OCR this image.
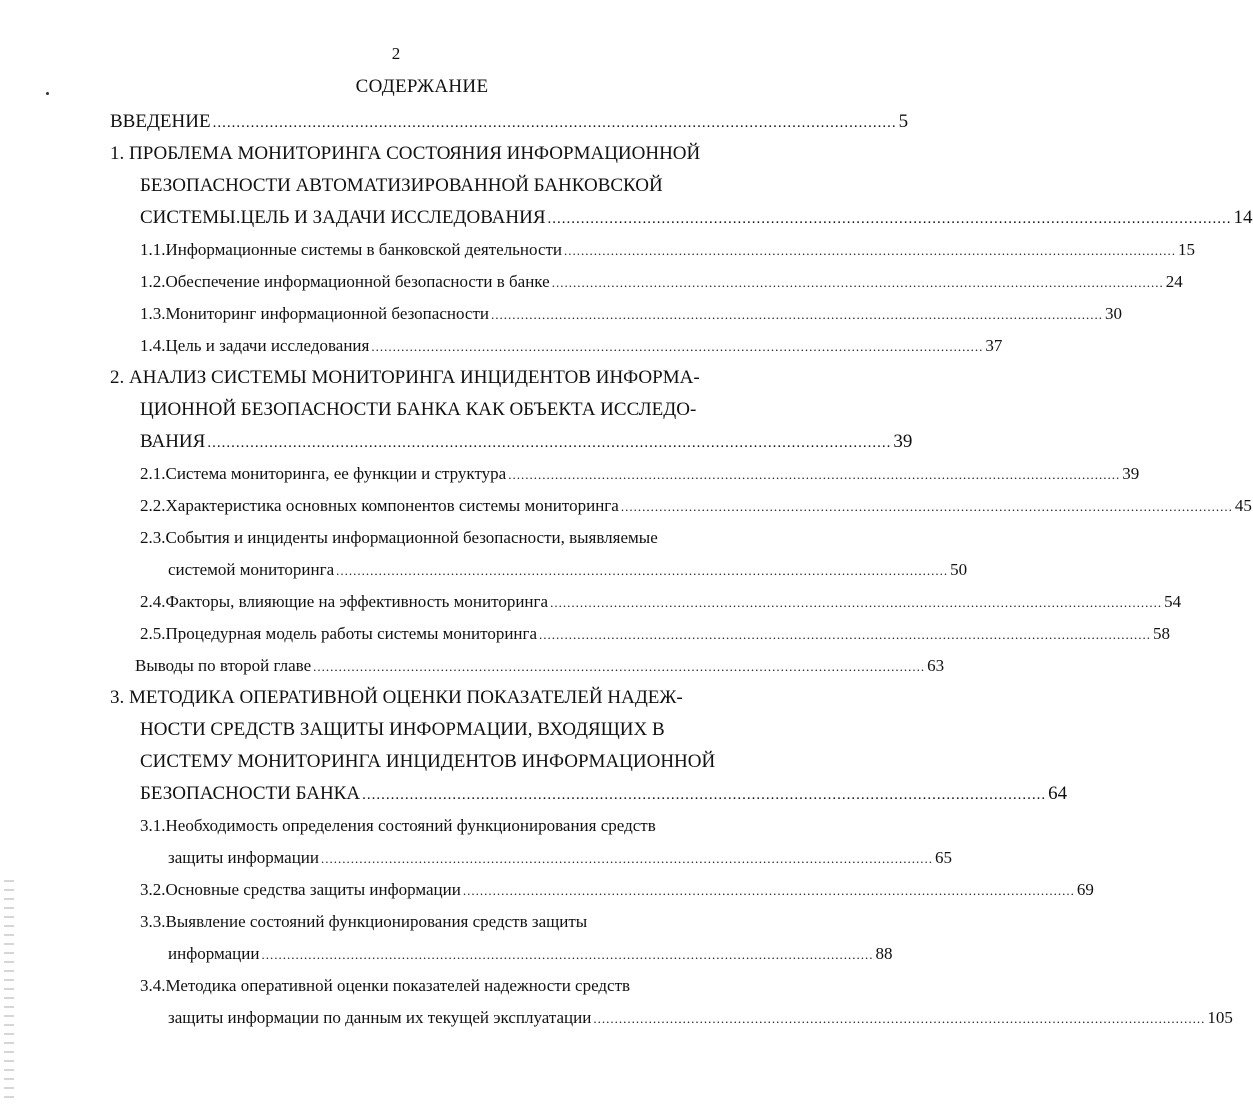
2
СОДЕРЖАНИЕ
ВВЕДЕНИЕ ................................................................................................................................................ 5
1. ПРОБЛЕМА МОНИТОРИНГА СОСТОЯНИЯ ИНФОРМАЦИОННОЙ
БЕЗОПАСНОСТИ АВТОМАТИЗИРОВАННОЙ БАНКОВСКОЙ
СИСТЕМЫ.ЦЕЛЬ И ЗАДАЧИ ИССЛЕДОВАНИЯ ................................................................................................................................................ 14
1.1.Информационные системы в банковской деятельности ................................................................................................................................................ 15
1.2.Обеспечение информационной безопасности в банке ................................................................................................................................................ 24
1.3.Мониторинг информационной безопасности ................................................................................................................................................ 30
1.4.Цель и задачи исследования ................................................................................................................................................ 37
2. АНАЛИЗ СИСТЕМЫ МОНИТОРИНГА ИНЦИДЕНТОВ ИНФОРМА-
ЦИОННОЙ БЕЗОПАСНОСТИ БАНКА КАК ОБЪЕКТА ИССЛЕДО-
ВАНИЯ ................................................................................................................................................ 39
2.1.Система мониторинга, ее функции и структура ................................................................................................................................................ 39
2.2.Характеристика основных компонентов системы мониторинга ................................................................................................................................................ 45
2.3.События и инциденты информационной безопасности, выявляемые
системой мониторинга ................................................................................................................................................ 50
2.4.Факторы, влияющие на эффективность мониторинга ................................................................................................................................................ 54
2.5.Процедурная модель работы системы мониторинга ................................................................................................................................................ 58
Выводы по второй главе ................................................................................................................................................ 63
3. МЕТОДИКА ОПЕРАТИВНОЙ ОЦЕНКИ ПОКАЗАТЕЛЕЙ НАДЕЖ-
НОСТИ СРЕДСТВ ЗАЩИТЫ ИНФОРМАЦИИ, ВХОДЯЩИХ В
СИСТЕМУ МОНИТОРИНГА ИНЦИДЕНТОВ ИНФОРМАЦИОННОЙ
БЕЗОПАСНОСТИ БАНКА ................................................................................................................................................ 64
3.1.Необходимость определения состояний функционирования средств
защиты информации ................................................................................................................................................ 65
3.2.Основные средства защиты информации ................................................................................................................................................ 69
3.3.Выявление состояний функционирования средств защиты
информации ................................................................................................................................................ 88
3.4.Методика оперативной оценки показателей надежности средств
защиты информации по данным их текущей эксплуатации ................................................................................................................................................ 105
